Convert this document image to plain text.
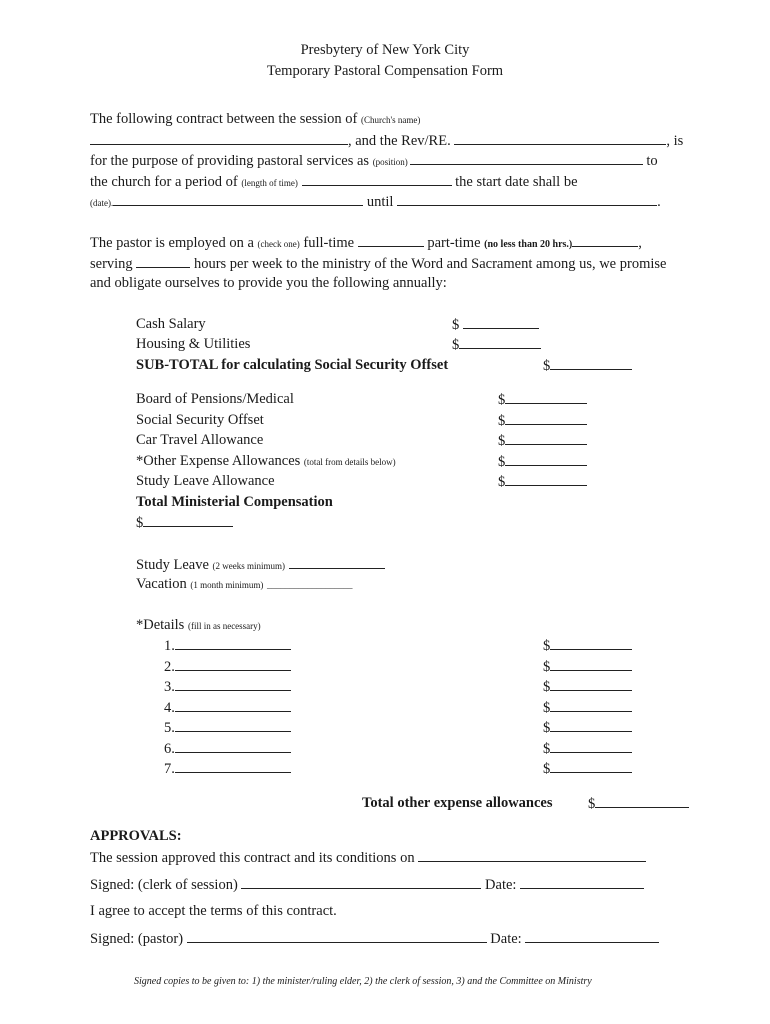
Presbytery of New York City
Temporary Pastoral Compensation Form
The following contract between the session of (Church's name)
, and the Rev/RE.	, is
for the purpose of providing pastoral services as (position)	to
the church for a period of (length of time)	the start date shall be
(date).	until	.
The pastor is employed on a (check one) full-time	part-time (no less than 20 hrs.)	,
serving	hours per week to the ministry of the Word and Sacrament among us, we promise
and obligate ourselves to provide you the following annually:
Cash Salary	$
Housing & Utilities	$
SUB-TOTAL for calculating Social Security Offset	$
Board of Pensions/Medical	$
Social Security Offset	$
Car Travel Allowance	$
*Other Expense Allowances (total from details below)	$
Study Leave Allowance	$
Total Ministerial Compensation
$
Study Leave (2 weeks minimum)
Vacation (1 month minimum) ___________________
*Details (fill in as necessary)
1.	$
2.	$
3.	$
4.	$
5.	$
6.	$
7.	$
Total other expense allowances $
APPROVALS:
The session approved this contract and its conditions on
Signed: (clerk of session)	Date:
I agree to accept the terms of this contract.
Signed: (pastor)	Date:
Signed copies to be given to: 1) the minister/ruling elder, 2) the clerk of session, 3) and the Committee on Ministry
